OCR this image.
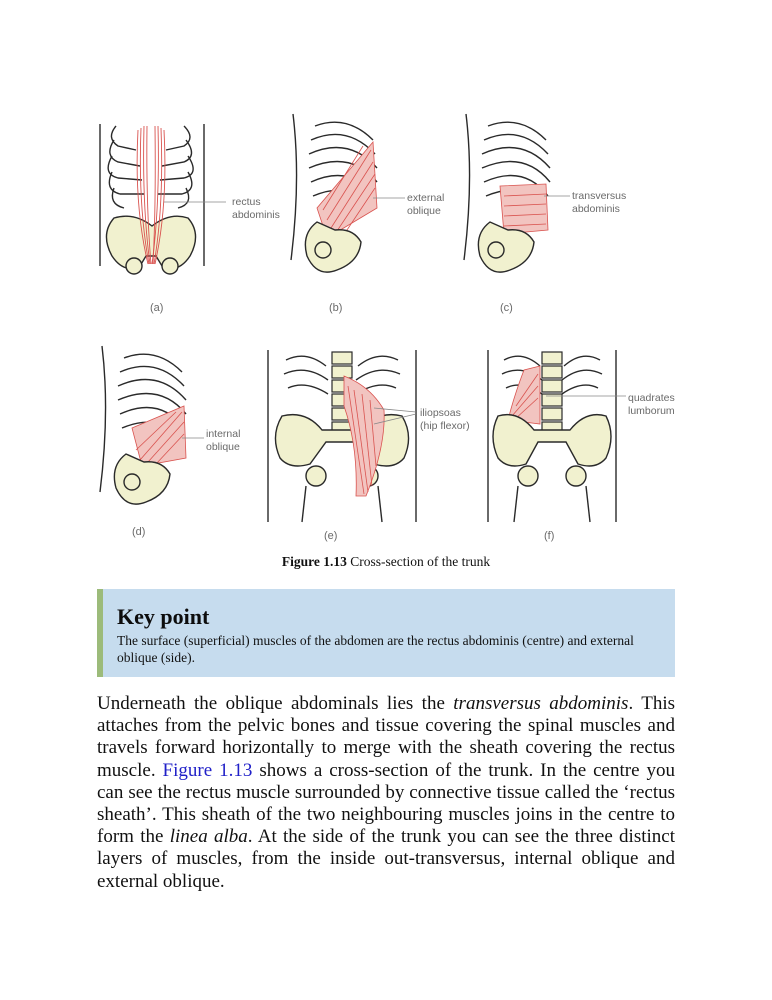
rectus
abdominis
(a)
external
oblique
(b)
transversus
abdominis
(c)
internal
oblique
(d)
iliopsoas
(hip flexor)
(e)
quadrates
lumborum
(f)
Figure 1.13 Cross-section of the trunk
Key point

The surface (superficial) muscles of the abdomen are the rectus abdominis (centre) and external oblique (side).

Underneath the oblique abdominals lies the transversus abdominis. This attaches from the pelvic bones and tissue covering the spinal muscles and travels forward horizontally to merge with the sheath covering the rectus muscle. Figure 1.13 shows a cross-section of the trunk. In the centre you can see the rectus muscle surrounded by connective tissue called the ‘rectus sheath’. This sheath of the two neighbouring muscles joins in the centre to form the linea alba. At the side of the trunk you can see the three distinct layers of muscles, from the inside out-transversus, internal oblique and external oblique.
